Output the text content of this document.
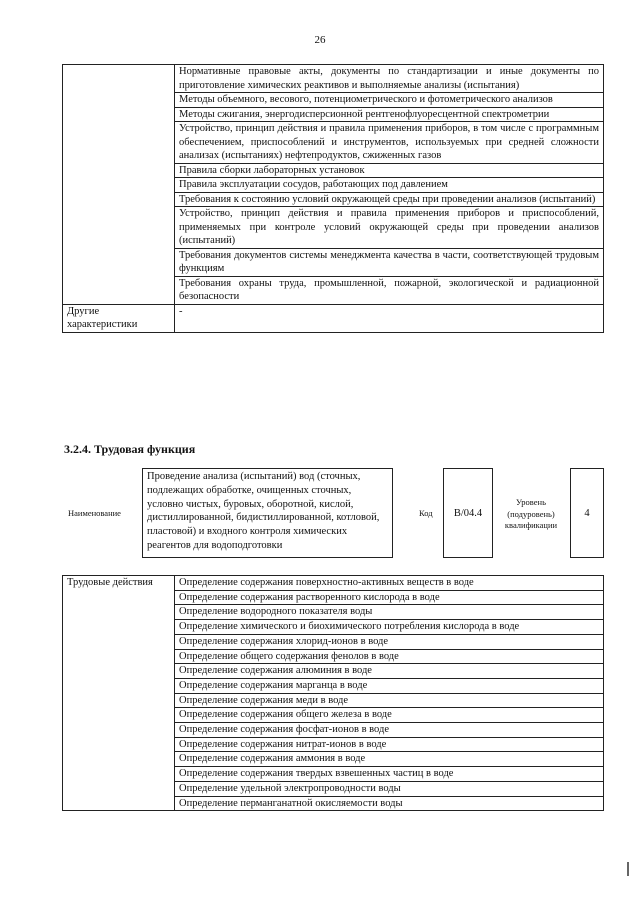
26
	Нормативные правовые акты, документы по стандартизации и иные документы по приготовление химических реактивов и выполняемые анализы (испытания)
	Методы объемного, весового, потенциометрического и фотометрического анализов
	Методы сжигания, энергодисперсионной рентгенофлуоресцентной спектрометрии
	Устройство, принцип действия и правила применения приборов, в том числе с программным обеспечением, приспособлений и инструментов, используемых при средней сложности анализах (испытаниях) нефтепродуктов, сжиженных газов
	Правила сборки лабораторных установок
	Правила эксплуатации сосудов, работающих под давлением
	Требования к состоянию условий окружающей среды при проведении анализов (испытаний)
	Устройство, принцип действия и правила применения приборов и приспособлений, применяемых при контроле условий окружающей среды при проведении анализов (испытаний)
	Требования документов системы менеджмента качества в части, соответствующей трудовым функциям
	Требования охраны труда, промышленной, пожарной, экологической и радиационной безопасности
Другие характеристики	-
3.2.4. Трудовая функция
Наименование
Проведение анализа (испытаний) вод (сточных, подлежащих обработке, очищенных сточных, условно чистых, буровых, оборотной, кислой, дистиллированной, бидистиллированной, котловой, пластовой) и входного контроля химических реагентов для водоподготовки
Код	В/04.4
Уровень (подуровень) квалификации
4
Трудовые действия	Определение содержания поверхностно-активных веществ в воде
Определение содержания растворенного кислорода в воде
Определение водородного показателя воды
Определение химического и биохимического потребления кислорода в воде
Определение содержания хлорид-ионов в воде
Определение общего содержания фенолов в воде
Определение содержания алюминия в воде
Определение содержания марганца в воде
Определение содержания меди в воде
Определение содержания общего железа в воде
Определение содержания фосфат-ионов в воде
Определение содержания нитрат-ионов в воде
Определение содержания аммония в воде
Определение содержания твердых взвешенных частиц в воде
Определение удельной электропроводности воды
Определение перманганатной окисляемости воды
